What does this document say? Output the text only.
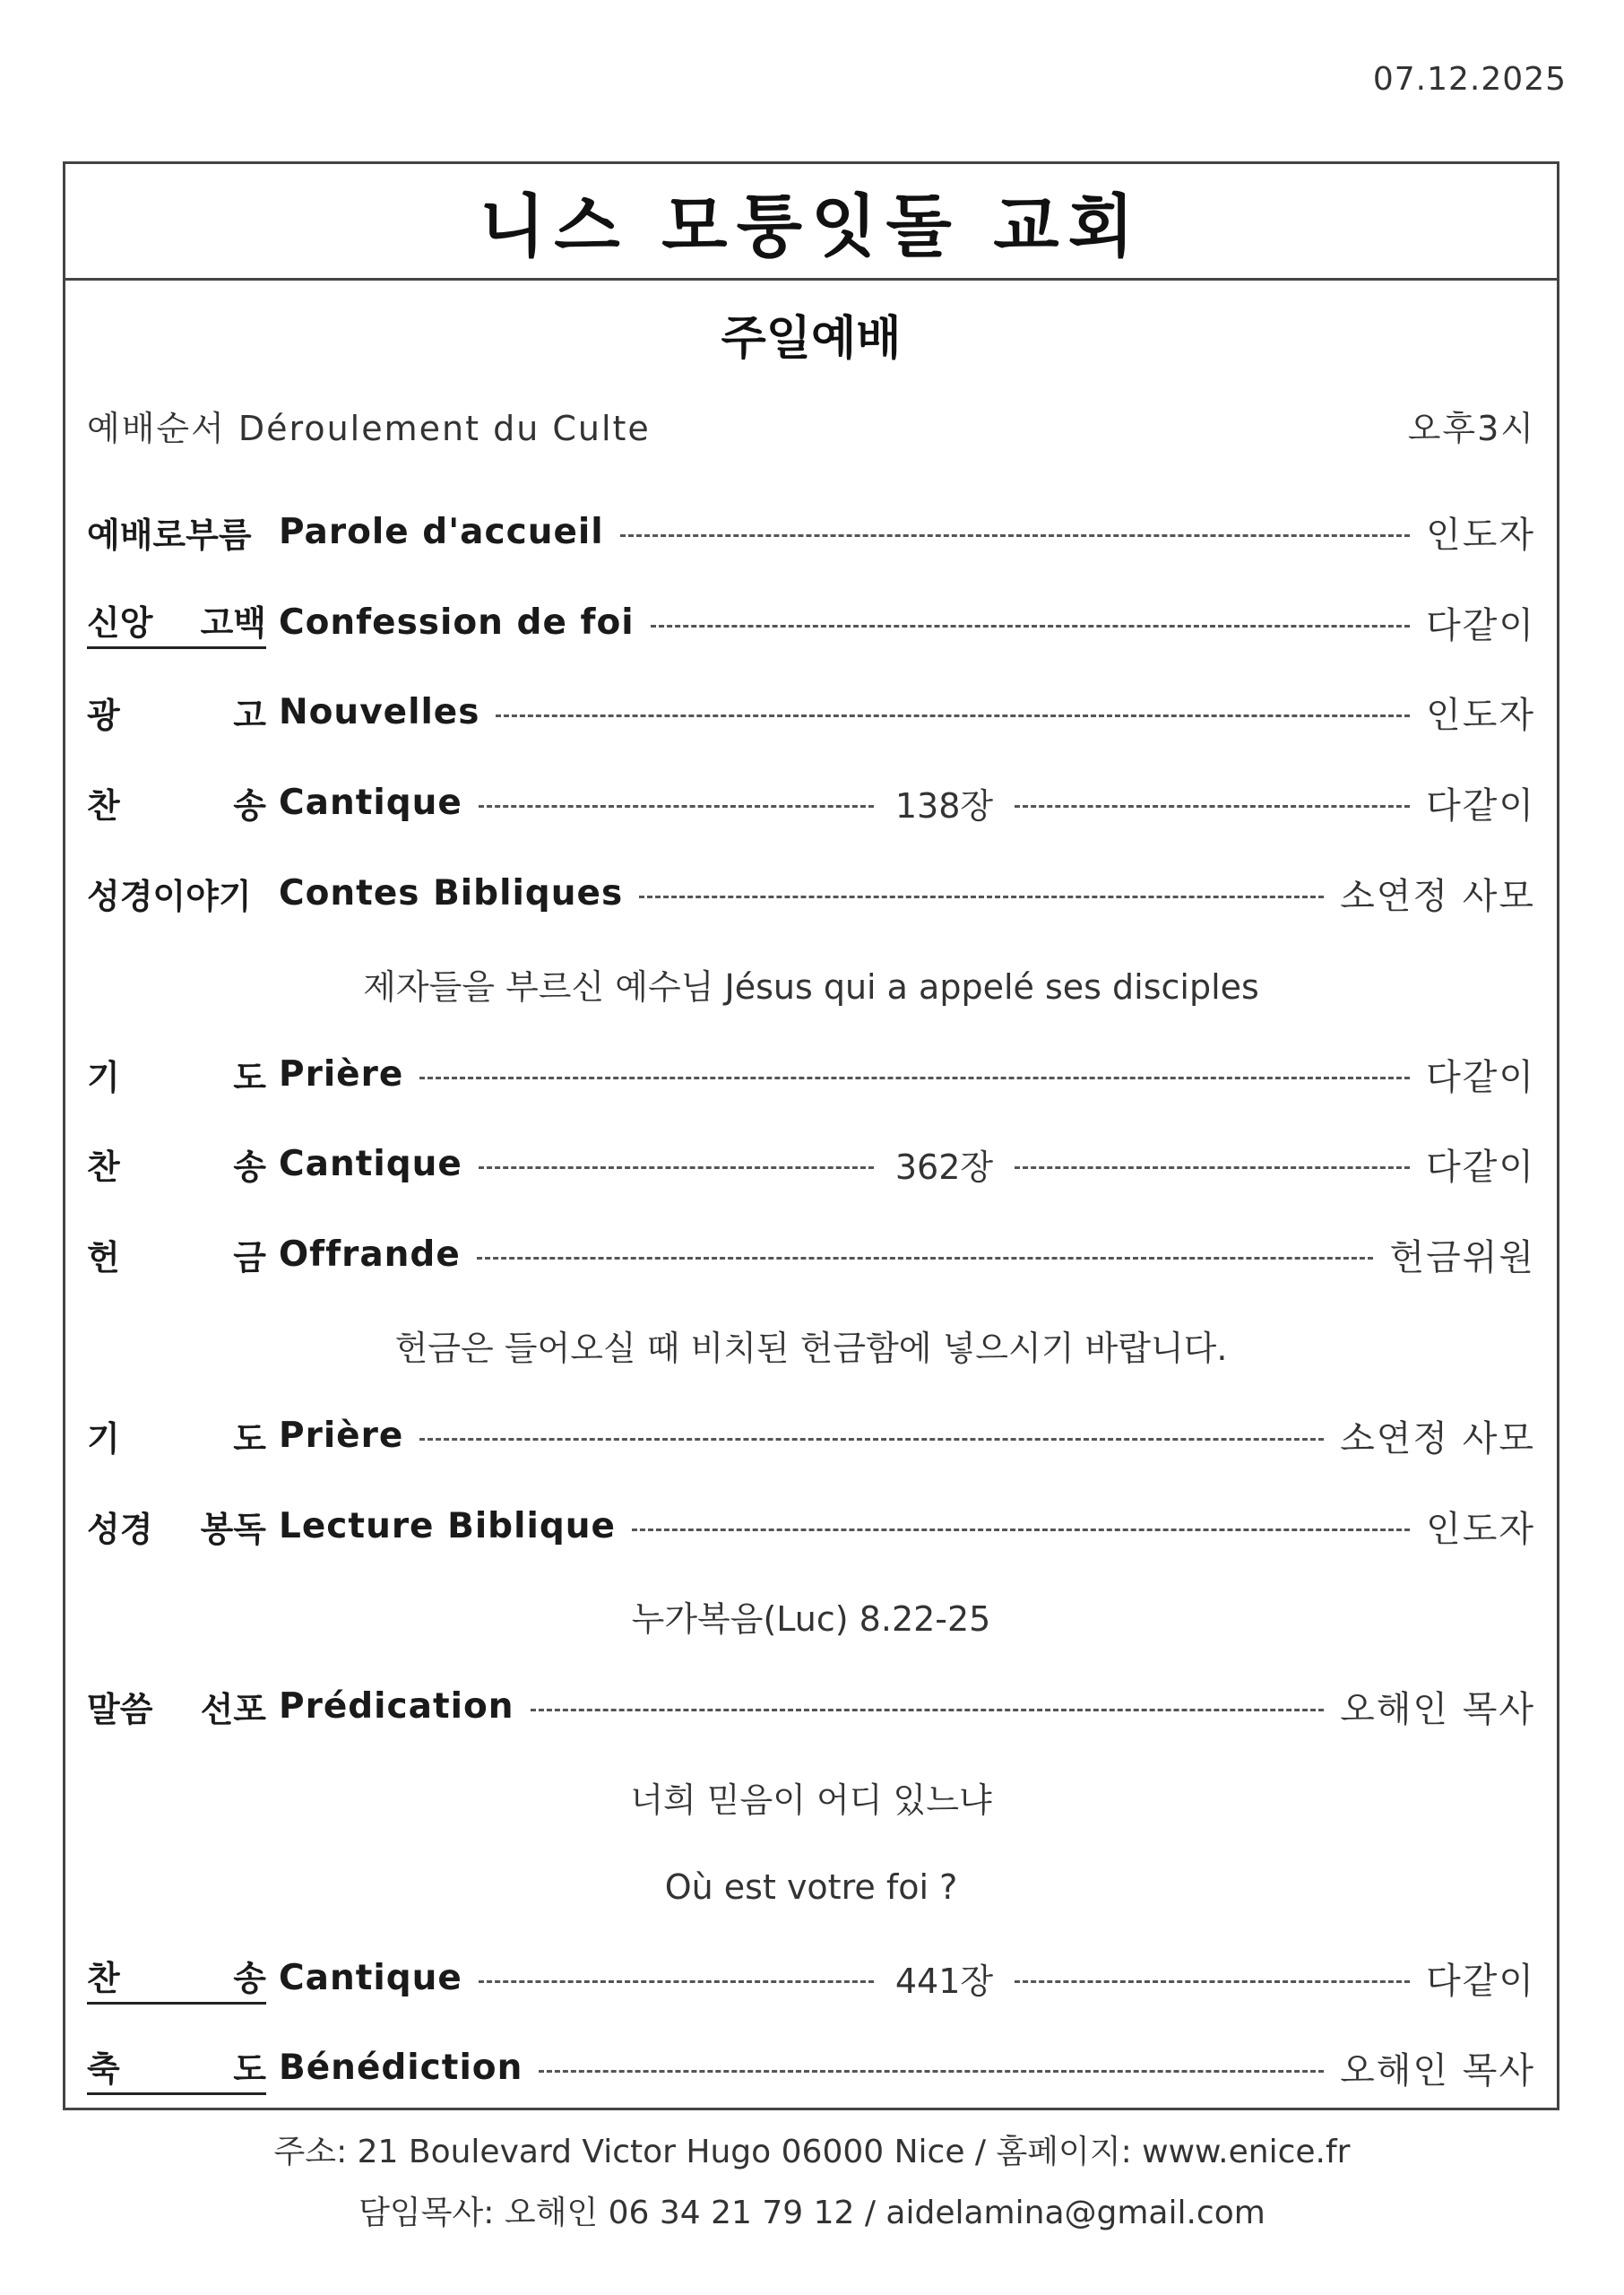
07.12.2025
니스 모퉁잇돌 교회
주일예배
예배순서 Déroulement du Culte	오후3시
예배로부름 Parole d'accueil	인도자
신앙 고백 Confession de foi	다같이
광	고 Nouvelles	인도자
찬	송 Cantique	138장	다같이
성경이야기 Contes Bibliques	소연정 사모
제자들을 부르신 예수님 Jésus qui a appelé ses disciples
기	도 Prière	다같이
찬	송 Cantique	362장	다같이
헌	금 Offrande	헌금위원
헌금은 들어오실 때 비치된 헌금함에 넣으시기 바랍니다.
기	도 Prière	소연정 사모
성경 봉독 Lecture Biblique	인도자
누가복음(Luc) 8.22-25
말씀 선포 Prédication	오해인 목사
너희 믿음이 어디 있느냐
Où est votre foi ?
찬	송 Cantique	441장	다같이
축	도 Bénédiction	오해인 목사
주소: 21 Boulevard Victor Hugo 06000 Nice / 홈페이지: www.enice.fr
담임목사: 오해인 06 34 21 79 12 / aidelamina@gmail.com
